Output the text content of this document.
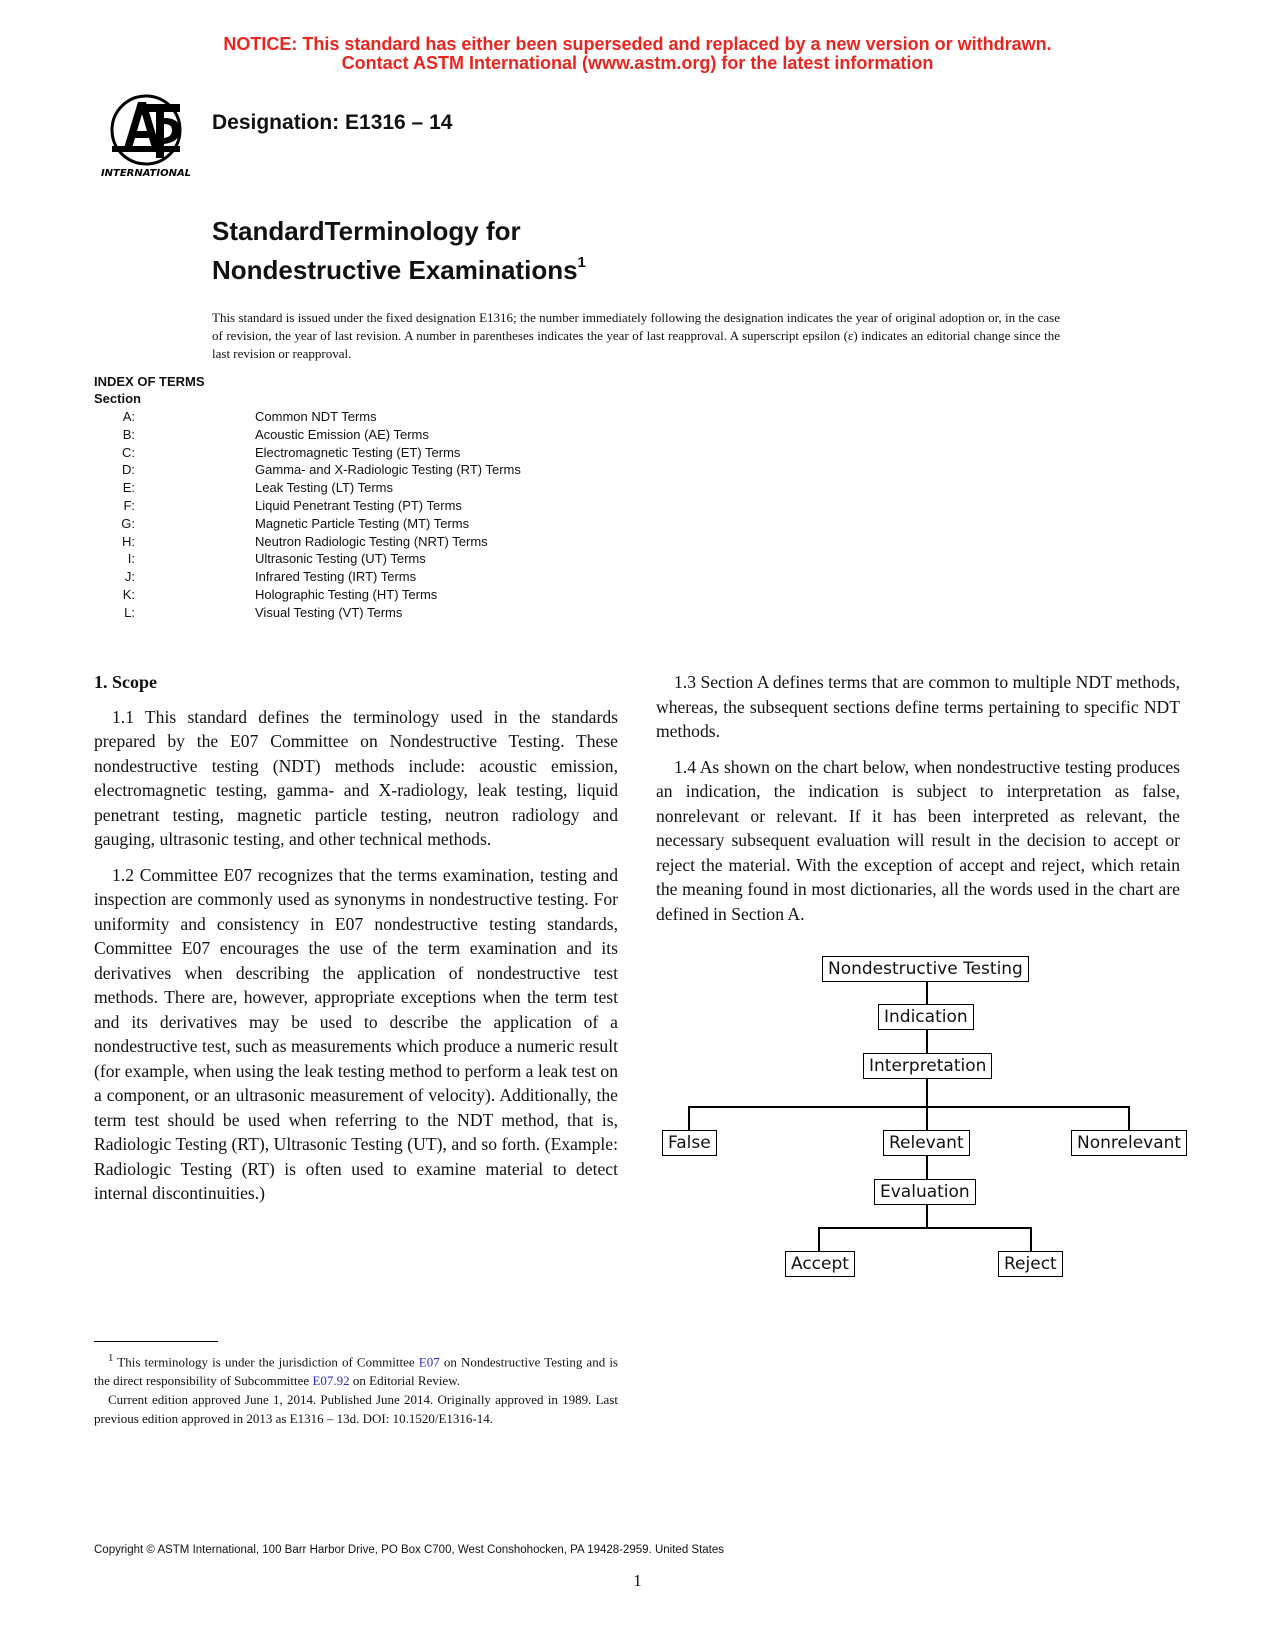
NOTICE: This standard has either been superseded and replaced by a new version or withdrawn.
Contact ASTM International (www.astm.org) for the latest information
INTERNATIONAL
Designation: E1316 – 14
StandardTerminology for
Nondestructive Examinations$^1$
This standard is issued under the fixed designation E1316; the number immediately following the designation indicates the year of original adoption or, in the case of revision, the year of last revision. A number in parentheses indicates the year of last reapproval. A superscript epsilon (ε) indicates an editorial change since the last revision or reapproval.
INDEX OF TERMS
Section
A:	Common NDT Terms
B:	Acoustic Emission (AE) Terms
C:	Electromagnetic Testing (ET) Terms
D:	Gamma- and X-Radiologic Testing (RT) Terms
E:	Leak Testing (LT) Terms
F:	Liquid Penetrant Testing (PT) Terms
G:	Magnetic Particle Testing (MT) Terms
H:	Neutron Radiologic Testing (NRT) Terms
I:	Ultrasonic Testing (UT) Terms
J:	Infrared Testing (IRT) Terms
K:	Holographic Testing (HT) Terms
L:	Visual Testing (VT) Terms

1. Scope

1.1 This standard defines the terminology used in the standards prepared by the E07 Committee on Nondestructive Testing. These nondestructive testing (NDT) methods include: acoustic emission, electromagnetic testing, gamma- and X-radiology, leak testing, liquid penetrant testing, magnetic particle testing, neutron radiology and gauging, ultrasonic testing, and other technical methods.

1.2 Committee E07 recognizes that the terms examination, testing and inspection are commonly used as synonyms in nondestructive testing. For uniformity and consistency in E07 nondestructive testing standards, Committee E07 encourages the use of the term examination and its derivatives when describing the application of nondestructive test methods. There are, however, appropriate exceptions when the term test and its derivatives may be used to describe the application of a nondestructive test, such as measurements which produce a numeric result (for example, when using the leak testing method to perform a leak test on a component, or an ultrasonic measurement of velocity). Additionally, the term test should be used when referring to the NDT method, that is, Radiologic Testing (RT), Ultrasonic Testing (UT), and so forth. (Example: Radiologic Testing (RT) is often used to examine material to detect internal discontinuities.)

1.3 Section A defines terms that are common to multiple NDT methods, whereas, the subsequent sections define terms pertaining to specific NDT methods.

1.4 As shown on the chart below, when nondestructive testing produces an indication, the indication is subject to interpretation as false, nonrelevant or relevant. If it has been interpreted as relevant, the necessary subsequent evaluation will result in the decision to accept or reject the material. With the exception of accept and reject, which retain the meaning found in most dictionaries, all the words used in the chart are defined in Section A.

Nondestructive Testing
Indication
Interpretation
False	Relevant	Nonrelevant
Evaluation
Accept	Reject

$^1$ This terminology is under the jurisdiction of Committee E07 on Nondestructive Testing and is the direct responsibility of Subcommittee E07.92 on Editorial Review.

Current edition approved June 1, 2014. Published June 2014. Originally approved in 1989. Last previous edition approved in 2013 as E1316 – 13d. DOI: 10.1520/E1316-14.

Copyright © ASTM International, 100 Barr Harbor Drive, PO Box C700, West Conshohocken, PA 19428-2959. United States
1
